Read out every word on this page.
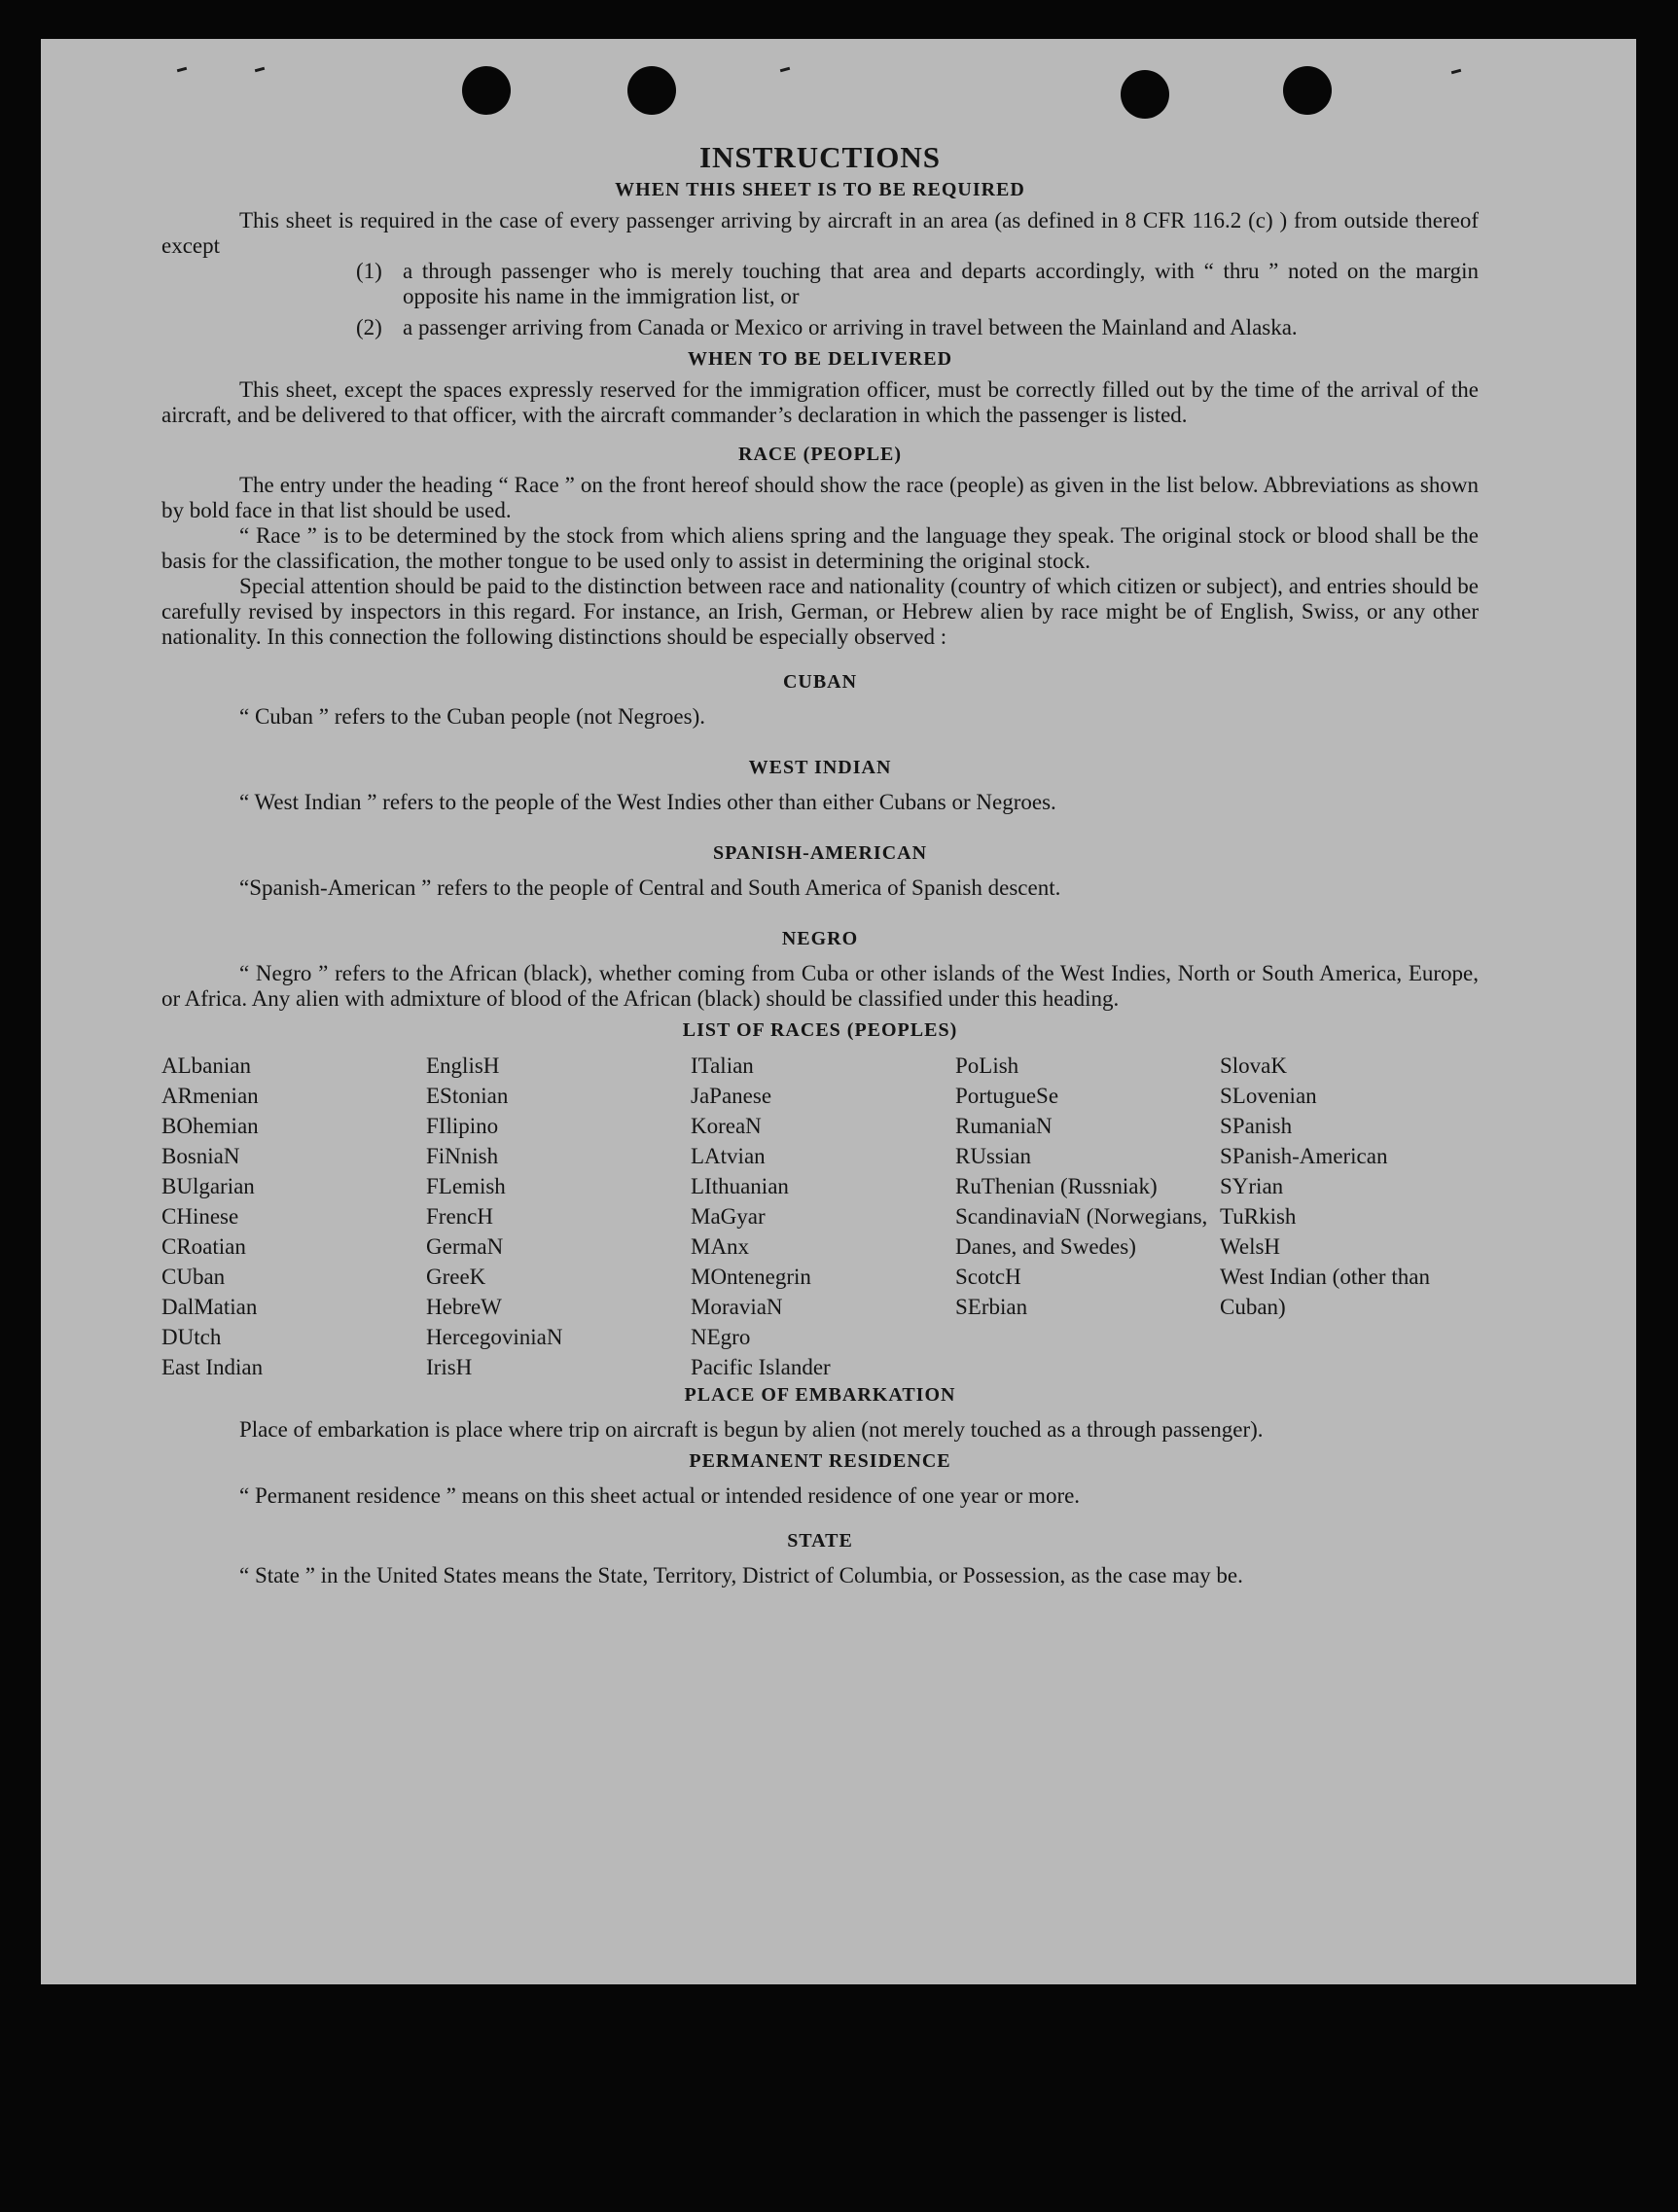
INSTRUCTIONS

WHEN THIS SHEET IS TO BE REQUIRED

This sheet is required in the case of every passenger arriving by aircraft in an area (as defined in 8 CFR 116.2 (c) ) from outside thereof except

(1) a through passenger who is merely touching that area and departs accordingly, with “ thru ” noted on the margin opposite his name in the immigration list, or
(2) a passenger arriving from Canada or Mexico or arriving in travel between the Mainland and Alaska.

WHEN TO BE DELIVERED

This sheet, except the spaces expressly reserved for the immigration officer, must be correctly filled out by the time of the arrival of the aircraft, and be delivered to that officer, with the aircraft commander’s declaration in which the passenger is listed.

RACE (PEOPLE)

The entry under the heading “ Race ” on the front hereof should show the race (people) as given in the list below. Abbreviations as shown by bold face in that list should be used.

“ Race ” is to be determined by the stock from which aliens spring and the language they speak. The original stock or blood shall be the basis for the classification, the mother tongue to be used only to assist in determining the original stock.

Special attention should be paid to the distinction between race and nationality (country of which citizen or subject), and entries should be carefully revised by inspectors in this regard. For instance, an Irish, German, or Hebrew alien by race might be of English, Swiss, or any other nationality. In this connection the following distinctions should be especially observed :

CUBAN

“ Cuban ” refers to the Cuban people (not Negroes).

WEST INDIAN

“ West Indian ” refers to the people of the West Indies other than either Cubans or Negroes.

SPANISH-AMERICAN

“Spanish-American ” refers to the people of Central and South America of Spanish descent.

NEGRO

“ Negro ” refers to the African (black), whether coming from Cuba or other islands of the West Indies, North or South America, Europe, or Africa. Any alien with admixture of blood of the African (black) should be classified under this heading.

LIST OF RACES (PEOPLES)

ALbanian
ARmenian
BOhemian
BosniaN
BUlgarian
CHinese
CRoatian
CUban
DalMatian
DUtch
East Indian
EnglisH
EStonian
FIlipino
FiNnish
FLemish
FrencH
GermaN
GreeK
HebreW
HercegoviniaN
IrisH
ITalian
JaPanese
KoreaN
LAtvian
LIthuanian
MaGyar
MAnx
MOntenegrin
MoraviaN
NEgro
Pacific Islander
PoLish
PortugueSe
RumaniaN
RUssian
RuThenian (Russniak)
ScandinaviaN (Norwegians, Danes, and Swedes)
ScotcH
SErbian
SlovaK
SLovenian
SPanish
SPanish-American
SYrian
TuRkish
WelsH
West Indian (other than Cuban)

PLACE OF EMBARKATION

Place of embarkation is place where trip on aircraft is begun by alien (not merely touched as a through passenger).

PERMANENT RESIDENCE

“ Permanent residence ” means on this sheet actual or intended residence of one year or more.

STATE

“ State ” in the United States means the State, Territory, District of Columbia, or Possession, as the case may be.
